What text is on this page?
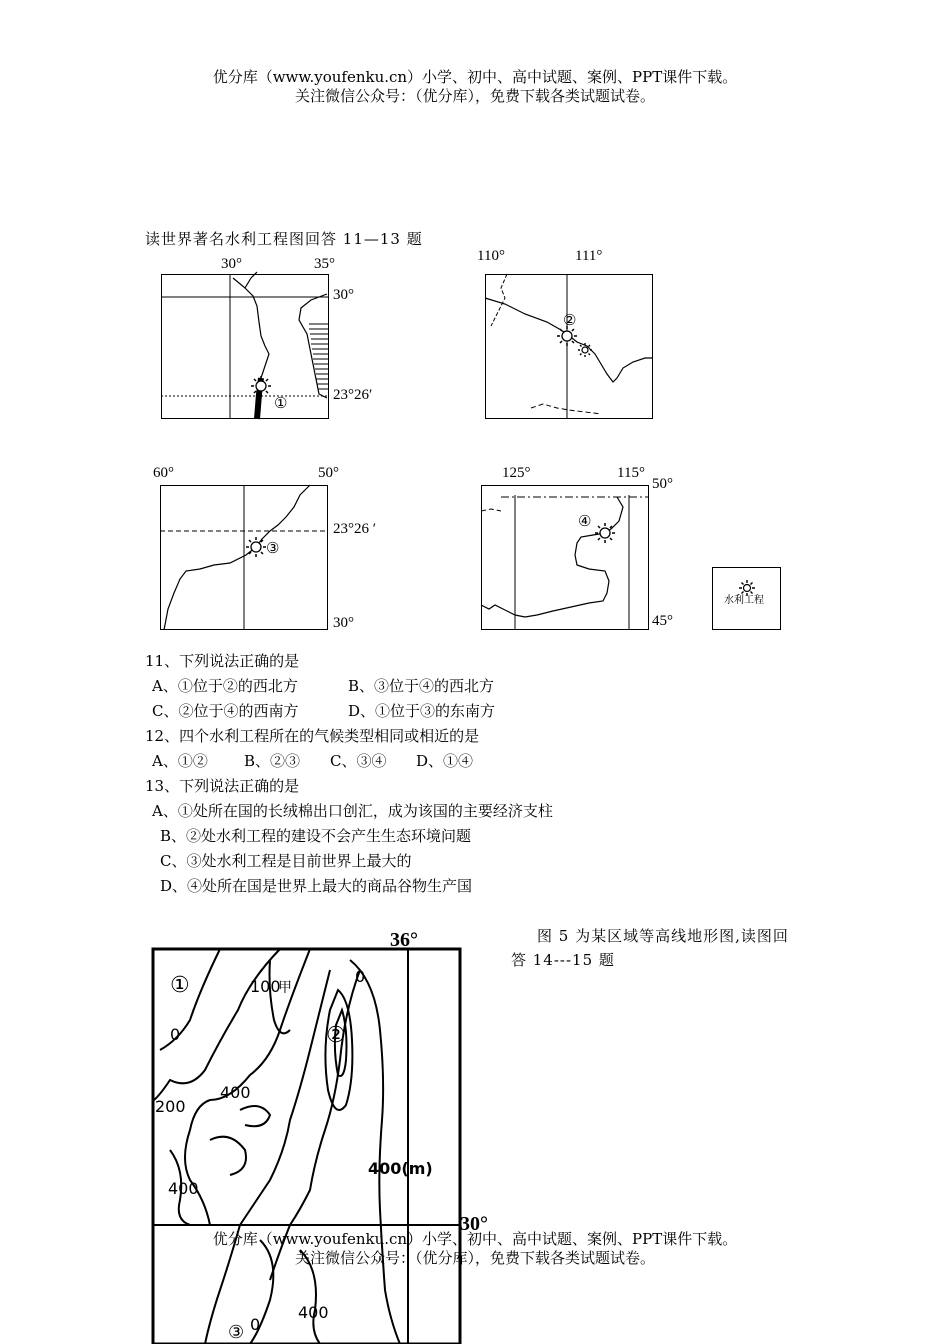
优分库（www.youfenku.cn）小学、初中、高中试题、案例、PPT课件下载。
关注微信公众号：（优分库），免费下载各类试题试卷。
读世界著名水利工程图回答 11—13 题
30°	35°
30°
23°26′
①
110°	111°
②
60°	50°
23°26 ′
30°
③
125°	115°
50°
45°
④
水利工程
11、下列说法正确的是
A、①位于②的西北方	B、③位于④的西北方
C、②位于④的西南方	D、①位于③的东南方
12、四个水利工程所在的气候类型相同或相近的是
A、①② B、②③ C、③④ D、①④
13、下列说法正确的是
A、①处所在国的长绒棉出口创汇，成为该国的主要经济支柱
B、②处水利工程的建设不会产生生态环境问题
C、③处水利工程是目前世界上最大的
D、④处所在国是世界上最大的商品谷物生产国
图 5 为某区域等高线地形图,读图回
答 14---15 题
①
②
③
36°
30°
100
甲
0
0
400
200
400
400(m)
400
0
优分库（www.youfenku.cn）小学、初中、高中试题、案例、PPT课件下载。
关注微信公众号：（优分库），免费下载各类试题试卷。
